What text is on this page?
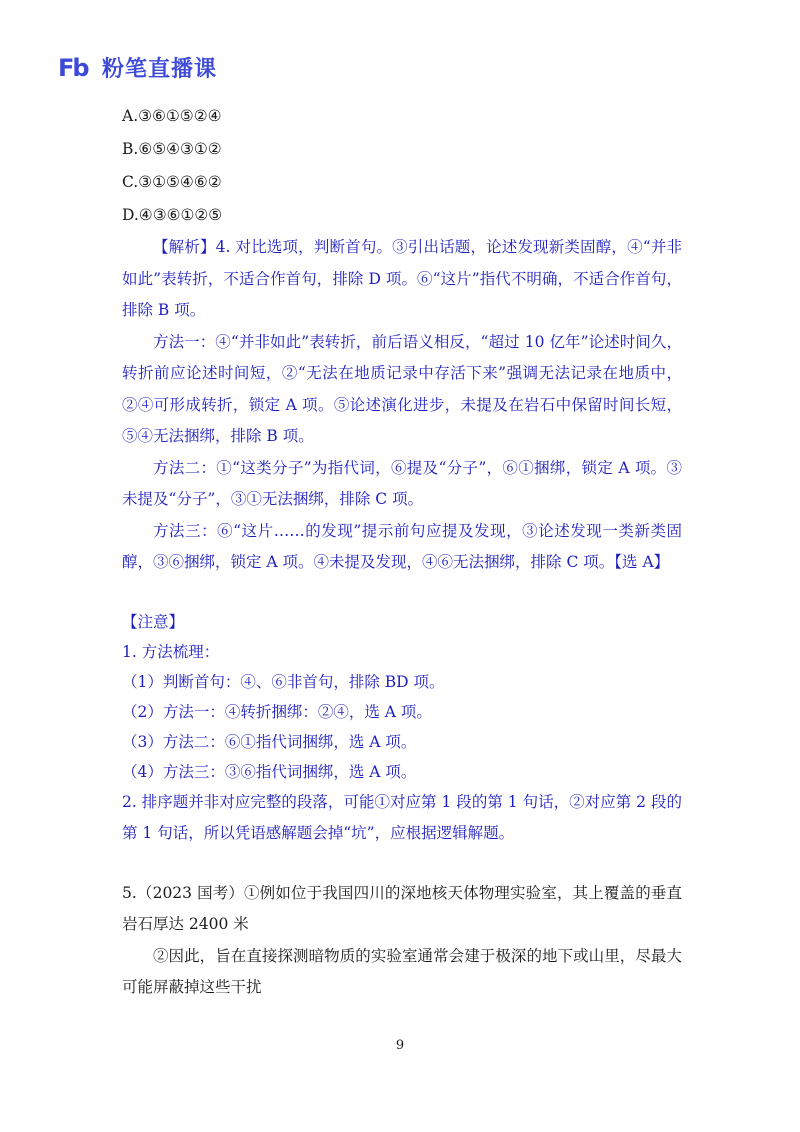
Fb 粉笔直播课
A.③⑥①⑤②④
B.⑥⑤④③①②
C.③①⑤④⑥②
D.④③⑥①②⑤
【解析】4. 对比选项，判断首句。③引出话题，论述发现新类固醇，④“并非如此”表转折，不适合作首句，排除 D 项。⑥“这片”指代不明确，不适合作首句，排除 B 项。
方法一：④“并非如此”表转折，前后语义相反，“超过 10 亿年”论述时间久，转折前应论述时间短，②“无法在地质记录中存活下来”强调无法记录在地质中，②④可形成转折，锁定 A 项。⑤论述演化进步，未提及在岩石中保留时间长短，⑤④无法捆绑，排除 B 项。
方法二：①“这类分子”为指代词，⑥提及“分子”，⑥①捆绑，锁定 A 项。③未提及“分子”，③①无法捆绑，排除 C 项。
方法三：⑥“这片……的发现”提示前句应提及发现，③论述发现一类新类固醇，③⑥捆绑，锁定 A 项。④未提及发现，④⑥无法捆绑，排除 C 项。【选 A】
【注意】
1. 方法梳理：
（1）判断首句：④、⑥非首句，排除 BD 项。
（2）方法一：④转折捆绑：②④，选 A 项。
（3）方法二：⑥①指代词捆绑，选 A 项。
（4）方法三：③⑥指代词捆绑，选 A 项。
2. 排序题并非对应完整的段落，可能①对应第 1 段的第 1 句话，②对应第 2 段的第 1 句话，所以凭语感解题会掉“坑”，应根据逻辑解题。
5.（2023 国考）①例如位于我国四川的深地核天体物理实验室，其上覆盖的垂直岩石厚达 2400 米
②因此，旨在直接探测暗物质的实验室通常会建于极深的地下或山里，尽最大可能屏蔽掉这些干扰
9
